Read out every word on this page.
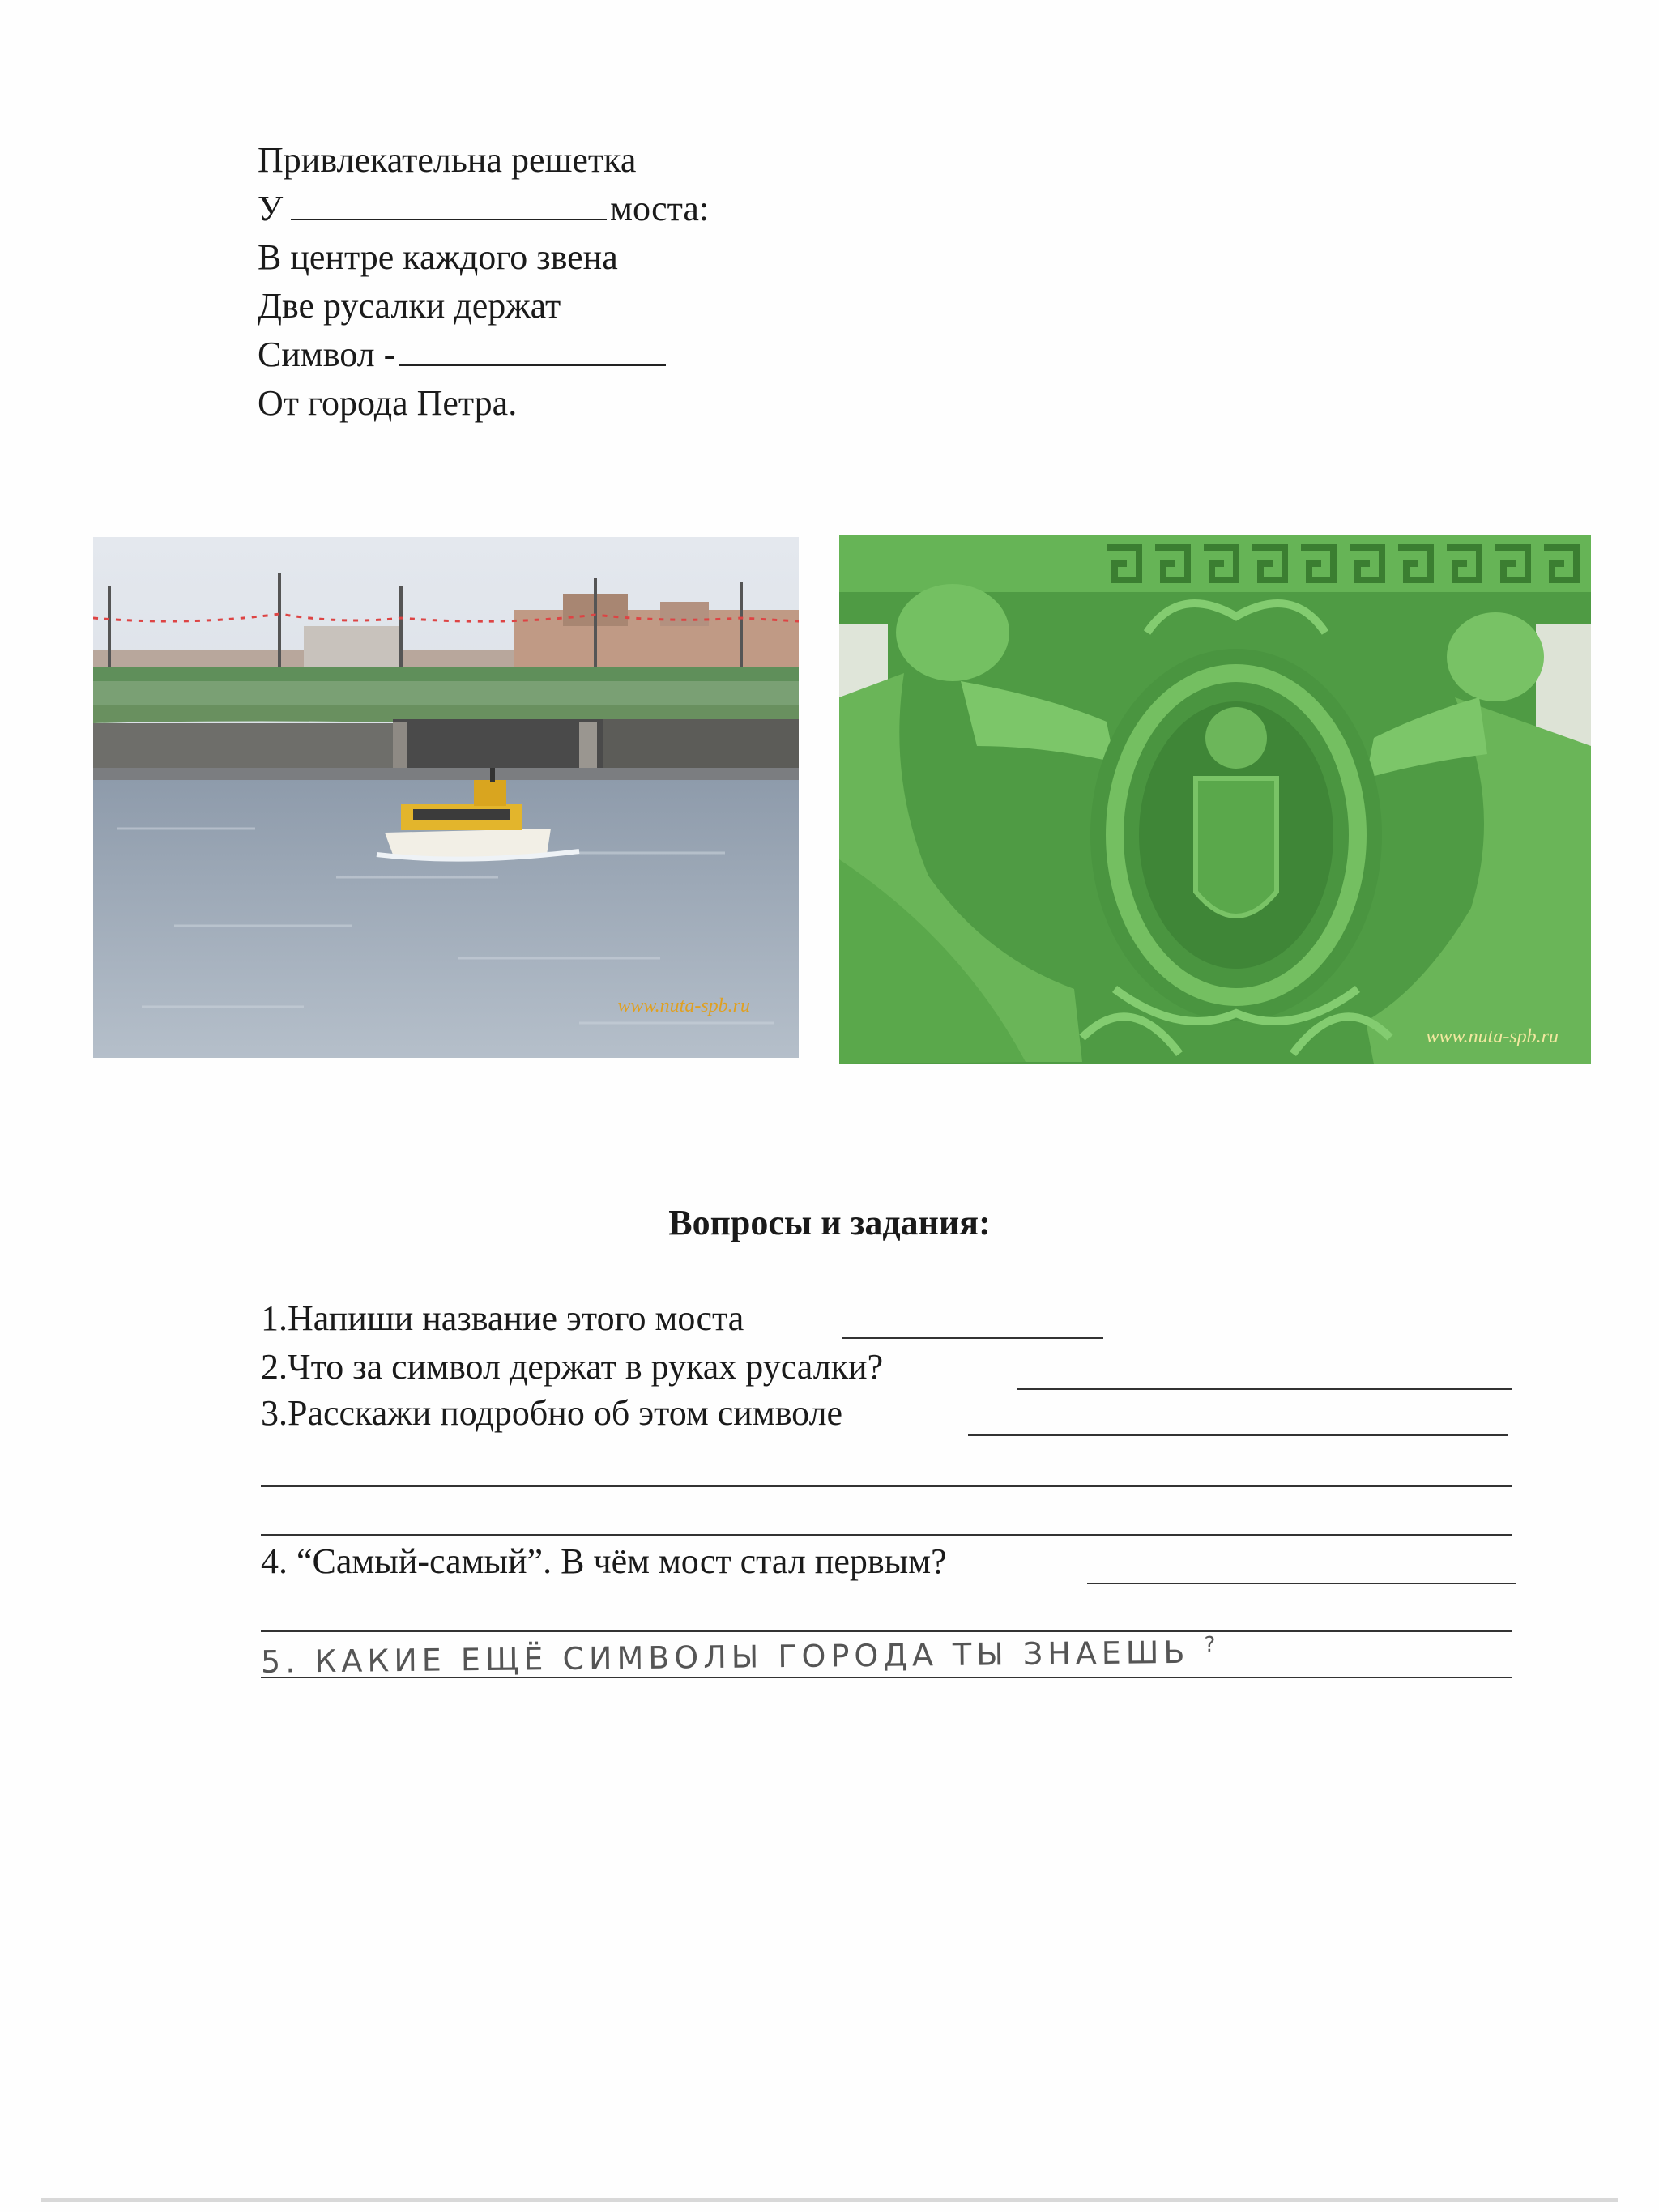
Привлекательна решетка
У	моста:
В центре каждого звена
Две русалки держат
Символ -
От города Петра.
www.nuta-spb.ru
www.nuta-spb.ru
Вопросы и задания:
1.Напиши название этого моста
2.Что за символ держат в руках русалки?
3.Расскажи подробно об этом символе
4. “Самый-самый”. В чём мост стал первым?
5. КАКИЕ ЕЩЁ СИМВОЛЫ ГОРОДА ТЫ ЗНАЕШЬ ?
